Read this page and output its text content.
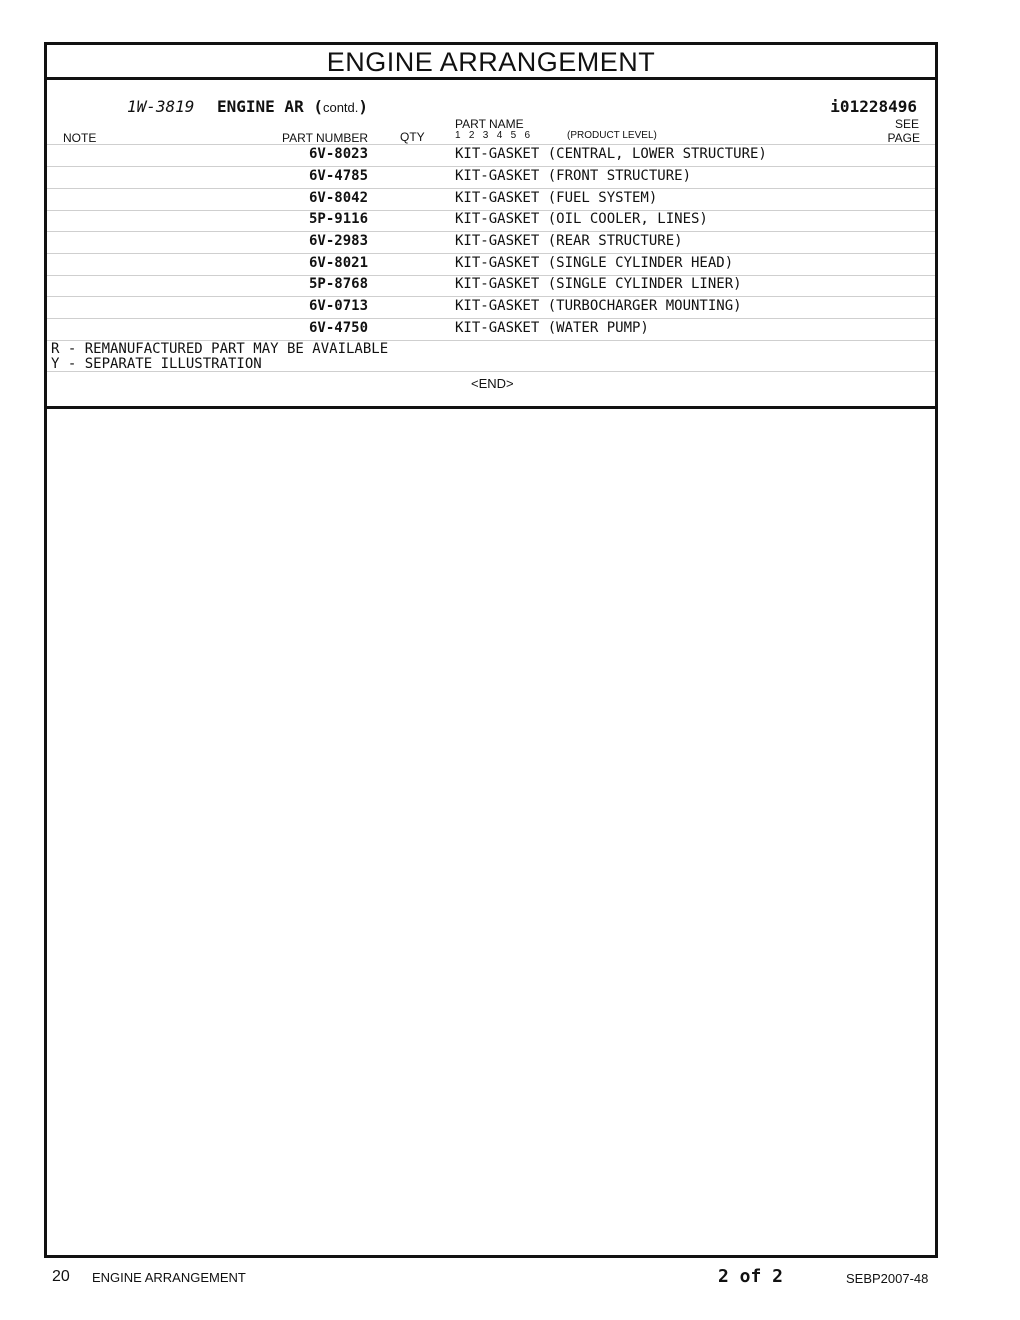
ENGINE ARRANGEMENT
1W-3819 ENGINE AR (contd.)	i01228496
NOTE	PART NUMBER	QTY
PART NAME
1   2   3   4   5   6	(PRODUCT LEVEL)
SEE
PAGE
6V-8023	KIT-GASKET (CENTRAL, LOWER STRUCTURE)
6V-4785	KIT-GASKET (FRONT STRUCTURE)
6V-8042	KIT-GASKET (FUEL SYSTEM)
5P-9116	KIT-GASKET (OIL COOLER, LINES)
6V-2983	KIT-GASKET (REAR STRUCTURE)
6V-8021	KIT-GASKET (SINGLE CYLINDER HEAD)
5P-8768	KIT-GASKET (SINGLE CYLINDER LINER)
6V-0713	KIT-GASKET (TURBOCHARGER MOUNTING)
6V-4750	KIT-GASKET (WATER PUMP)
R - REMANUFACTURED PART MAY BE AVAILABLE
Y - SEPARATE ILLUSTRATION
<END>
20 ENGINE ARRANGEMENT	2 of 2	SEBP2007-48
